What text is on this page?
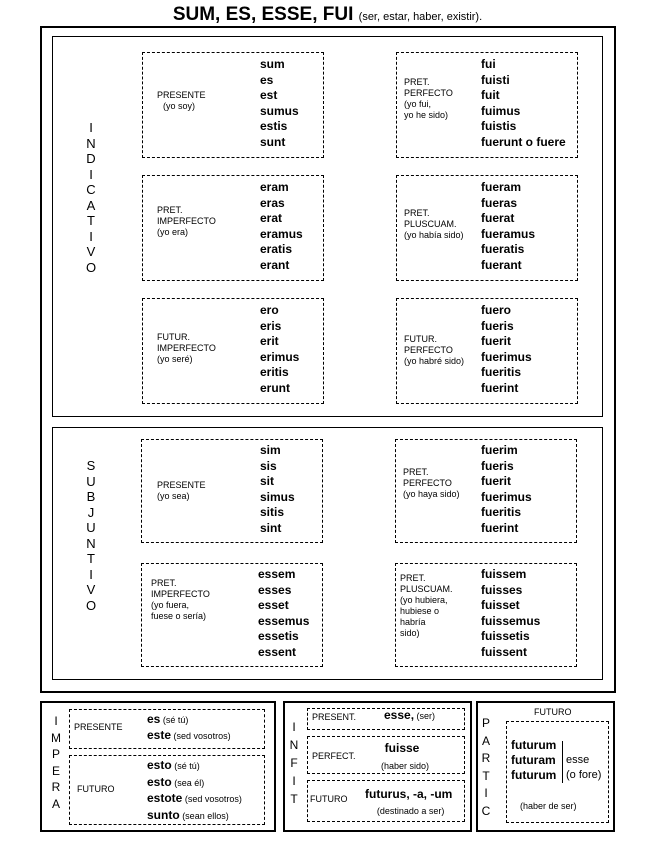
SUM, ES, ESSE, FUI (ser, estar, haber, existir).
I
N
D
I
C
A
T
I
V
O
PRESENTE
(yo soy)
sum
es
est
sumus
estis
sunt
PRET.
PERFECTO
(yo fui,
yo he sido)
fui
fuisti
fuit
fuimus
fuistis
fuerunt o fuere
PRET.
IMPERFECTO
(yo era)
eram
eras
erat
eramus
eratis
erant
PRET.
PLUSCUAM.
(yo había sido)
fueram
fueras
fuerat
fueramus
fueratis
fuerant
FUTUR.
IMPERFECTO
(yo seré)
ero
eris
erit
erimus
eritis
erunt
FUTUR.
PERFECTO
(yo habré sido)
fuero
fueris
fuerit
fuerimus
fueritis
fuerint
S
U
B
J
U
N
T
I
V
O
PRESENTE
(yo sea)
sim
sis
sit
simus
sitis
sint
PRET.
PERFECTO
(yo haya sido)
fuerim
fueris
fuerit
fuerimus
fueritis
fuerint
PRET.
IMPERFECTO
(yo fuera,
fuese o sería)
essem
esses
esset
essemus
essetis
essent
PRET.
PLUSCUAM.
(yo hubiera,
hubiese o
habría
sido)
fuissem
fuisses
fuisset
fuissemus
fuissetis
fuissent
I
M
P
E
R
A
PRESENTE
es (sé tú)
este (sed vosotros)
FUTURO
esto (sé tú)
esto (sea él)
estote (sed vosotros)
sunto (sean ellos)
I
N
F
I
T
PRESENT. esse, (ser)
PERFECT.
fuisse
(haber sido)
FUTURO futurus, -a, -um
(destinado a ser)
P
A
R
T
I
C
FUTURO
futurum
futuram
futurum
esse
(o fore)
(haber de ser)
